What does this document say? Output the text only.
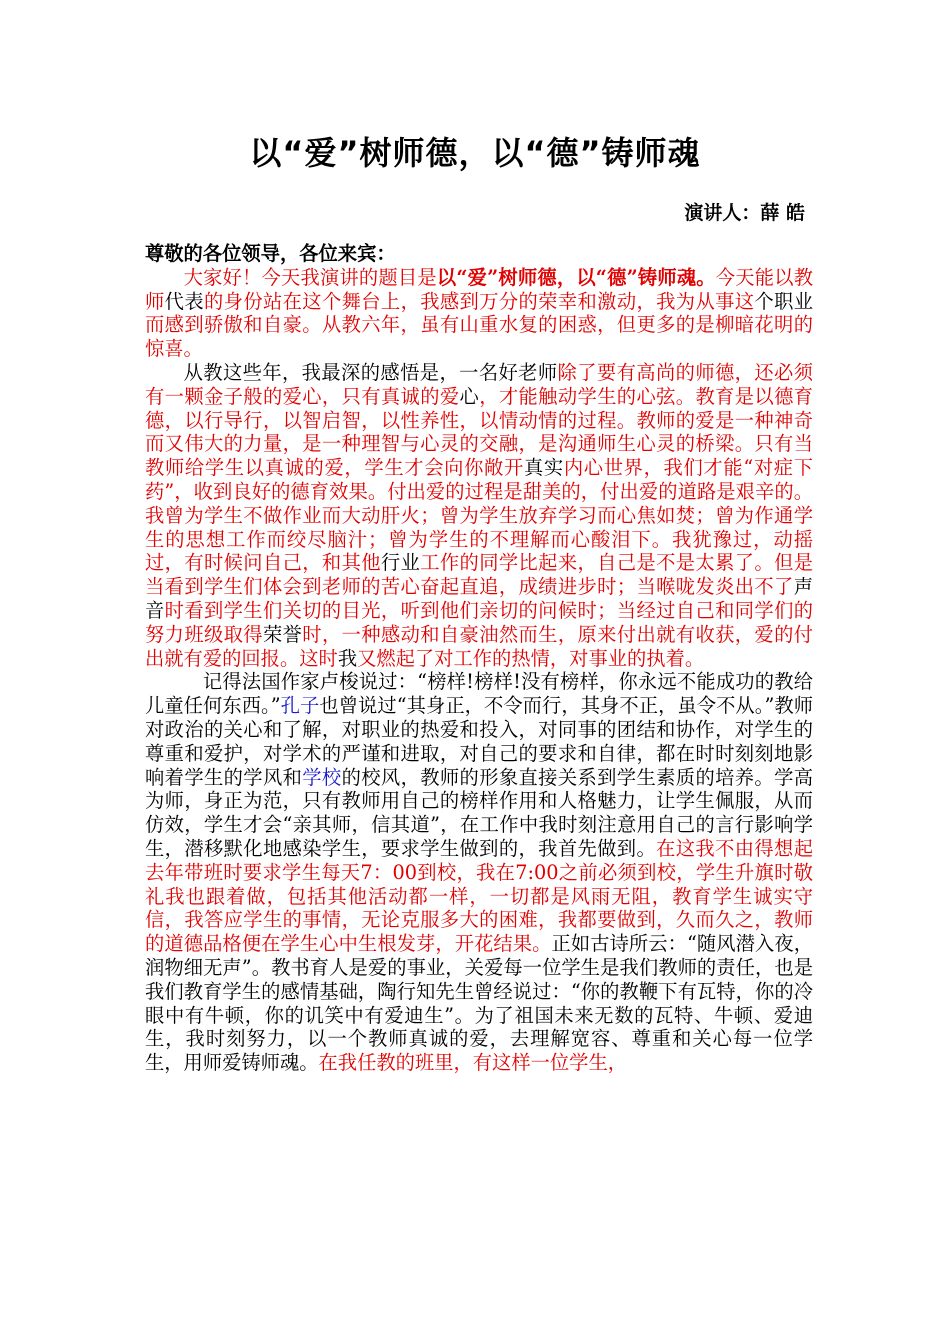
以“爱”树师德，以“德”铸师魂
演讲人：薛 皓
尊敬的各位领导，各位来宾：

大家好！今天我演讲的题目是以“爱”树师德，以“德”铸师魂。今天能以教师代表的身份站在这个舞台上，我感到万分的荣幸和激动，我为从事这个职业而感到骄傲和自豪。从教六年，虽有山重水复的困惑，但更多的是柳暗花明的惊喜。

从教这些年，我最深的感悟是，一名好老师除了要有高尚的师德，还必须有一颗金子般的爱心，只有真诚的爱心，才能触动学生的心弦。教育是以德育德，以行导行，以智启智，以性养性，以情动情的过程。教师的爱是一种神奇而又伟大的力量，是一种理智与心灵的交融，是沟通师生心灵的桥梁。只有当教师给学生以真诚的爱，学生才会向你敞开真实内心世界，我们才能“对症下药”，收到良好的德育效果。付出爱的过程是甜美的，付出爱的道路是艰辛的。我曾为学生不做作业而大动肝火；曾为学生放弃学习而心焦如焚；曾为作通学生的思想工作而绞尽脑汁；曾为学生的不理解而心酸泪下。我犹豫过，动摇过，有时候问自己，和其他行业工作的同学比起来，自己是不是太累了。但是当看到学生们体会到老师的苦心奋起直追，成绩进步时；当喉咙发炎出不了声音时看到学生们关切的目光，听到他们亲切的问候时；当经过自己和同学们的努力班级取得荣誉时，一种感动和自豪油然而生，原来付出就有收获，爱的付出就有爱的回报。这时我又燃起了对工作的热情，对事业的执着。

记得法国作家卢梭说过：“榜样!榜样!没有榜样，你永远不能成功的教给儿童任何东西。”孔子也曾说过“其身正，不令而行，其身不正，虽令不从。”教师对政治的关心和了解，对职业的热爱和投入，对同事的团结和协作，对学生的尊重和爱护，对学术的严谨和进取，对自己的要求和自律，都在时时刻刻地影响着学生的学风和学校的校风，教师的形象直接关系到学生素质的培养。学高为师，身正为范，只有教师用自己的榜样作用和人格魅力，让学生佩服，从而仿效，学生才会“亲其师，信其道”，在工作中我时刻注意用自己的言行影响学生，潜移默化地感染学生，要求学生做到的，我首先做到。在这我不由得想起去年带班时要求学生每天7：00到校，我在7:00之前必须到校，学生升旗时敬礼我也跟着做，包括其他活动都一样，一切都是风雨无阻，教育学生诚实守信，我答应学生的事情，无论克服多大的困难，我都要做到，久而久之，教师的道德品格便在学生心中生根发芽，开花结果。正如古诗所云：“随风潜入夜，润物细无声”。教书育人是爱的事业，关爱每一位学生是我们教师的责任，也是我们教育学生的感情基础，陶行知先生曾经说过：“你的教鞭下有瓦特，你的冷眼中有牛顿，你的讥笑中有爱迪生”。为了祖国未来无数的瓦特、牛顿、爱迪生，我时刻努力，以一个教师真诚的爱，去理解宽容、尊重和关心每一位学生，用师爱铸师魂。在我任教的班里，有这样一位学生，
